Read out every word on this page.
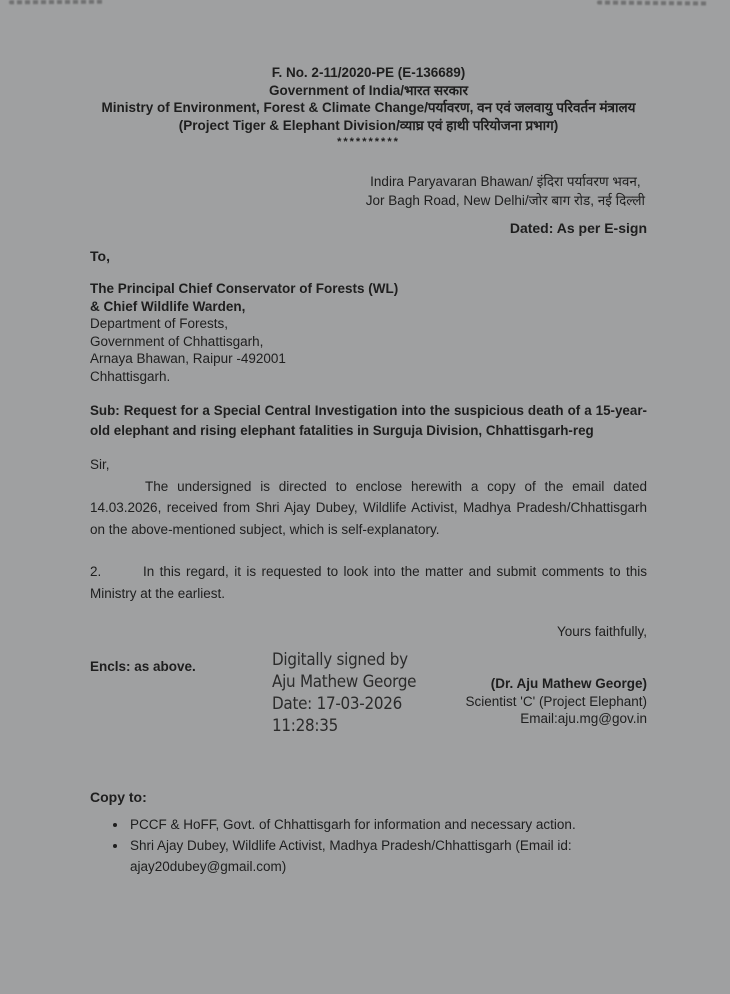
F. No. 2-11/2020-PE (E-136689)
Government of India/भारत सरकार
Ministry of Environment, Forest & Climate Change/पर्यावरण, वन एवं जलवायु परिवर्तन मंत्रालय
(Project Tiger & Elephant Division/व्याघ्र एवं हाथी परियोजना प्रभाग)
**********
Indira Paryavaran Bhawan/ इंदिरा पर्यावरण भवन,
Jor Bagh Road, New Delhi/जोर बाग रोड, नई दिल्ली
Dated: As per E-sign
To,
The Principal Chief Conservator of Forests (WL)
& Chief Wildlife Warden,
Department of Forests,
Government of Chhattisgarh,
Arnaya Bhawan, Raipur -492001
Chhattisgarh.
Sub: Request for a Special Central Investigation into the suspicious death of a 15-year-old elephant and rising elephant fatalities in Surguja Division, Chhattisgarh-reg
Sir,

The undersigned is directed to enclose herewith a copy of the email dated 14.03.2026, received from Shri Ajay Dubey, Wildlife Activist, Madhya Pradesh/Chhattisgarh on the above-mentioned subject, which is self-explanatory.

2.	In this regard, it is requested to look into the matter and submit comments to this Ministry at the earliest.

Yours faithfully,
Encls: as above.	Digitally signed by
Aju Mathew George
Date: 17-03-2026
11:28:35
(Dr. Aju Mathew George)
Scientist 'C' (Project Elephant)
Email:aju.mg@gov.in
Copy to:
• PCCF & HoFF, Govt. of Chhattisgarh for information and necessary action.
• Shri Ajay Dubey, Wildlife Activist, Madhya Pradesh/Chhattisgarh (Email id: ajay20dubey@gmail.com)
